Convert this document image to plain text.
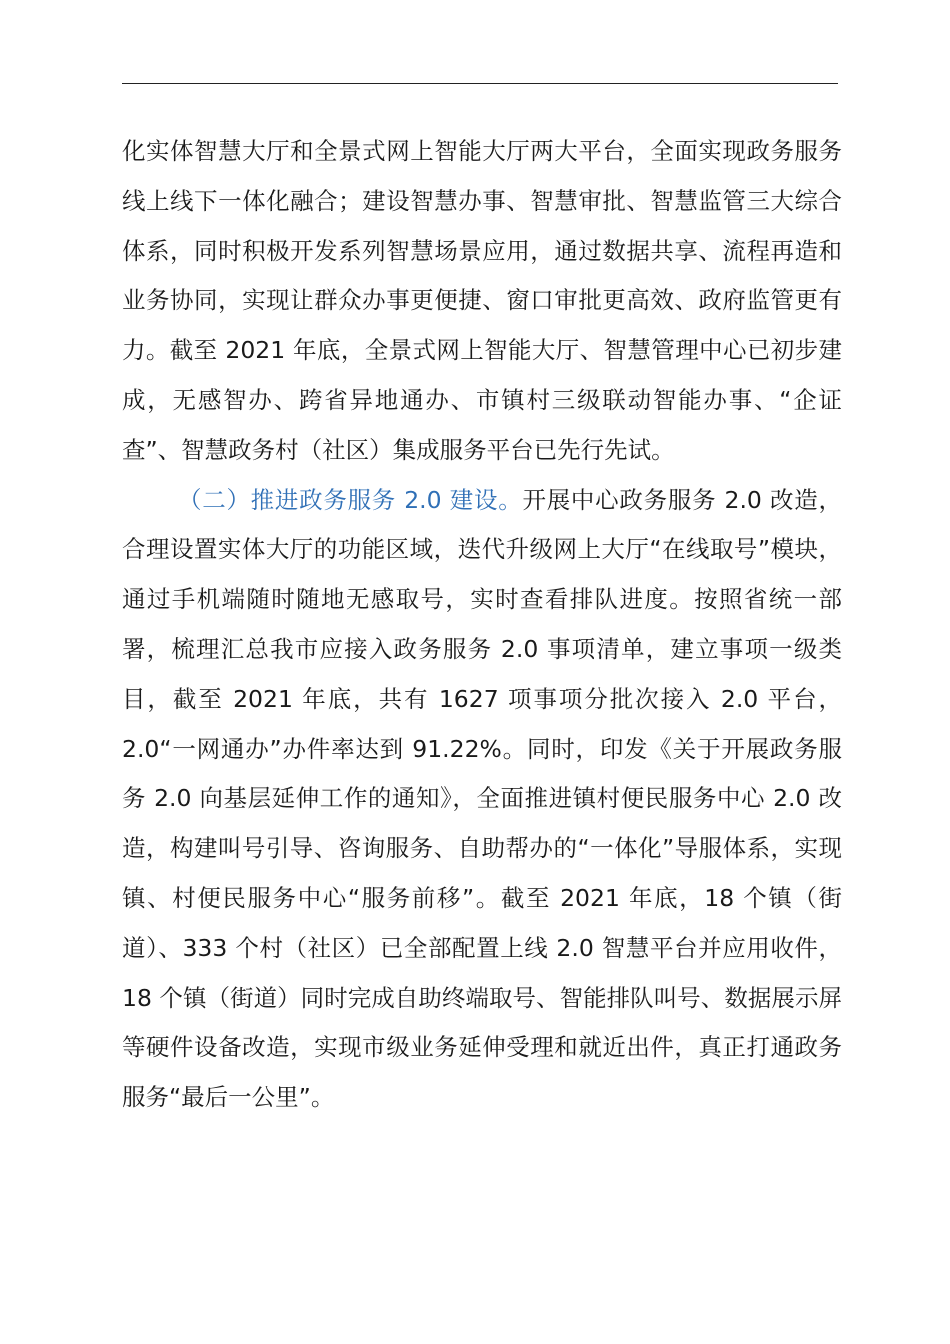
化实体智慧大厅和全景式网上智能大厅两大平台，全面实现政务服务线上线下一体化融合；建设智慧办事、智慧审批、智慧监管三大综合体系，同时积极开发系列智慧场景应用，通过数据共享、流程再造和业务协同，实现让群众办事更便捷、窗口审批更高效、政府监管更有力。截至 2021 年底，全景式网上智能大厅、智慧管理中心已初步建成，无感智办、跨省异地通办、市镇村三级联动智能办事、“企证查”、智慧政务村（社区）集成服务平台已先行先试。

（二）推进政务服务 2.0 建设。开展中心政务服务 2.0 改造，合理设置实体大厅的功能区域，迭代升级网上大厅“在线取号”模块，通过手机端随时随地无感取号，实时查看排队进度。按照省统一部署，梳理汇总我市应接入政务服务 2.0 事项清单，建立事项一级类目，截至 2021 年底，共有 1627 项事项分批次接入 2.0 平台，2.0“一网通办”办件率达到 91.22%。同时，印发《关于开展政务服务 2.0 向基层延伸工作的通知》，全面推进镇村便民服务中心 2.0 改造，构建叫号引导、咨询服务、自助帮办的“一体化”导服体系，实现镇、村便民服务中心“服务前移”。截至 2021 年底，18 个镇（街道）、333 个村（社区）已全部配置上线 2.0 智慧平台并应用收件，18 个镇（街道）同时完成自助终端取号、智能排队叫号、数据展示屏等硬件设备改造，实现市级业务延伸受理和就近出件，真正打通政务服务“最后一公里”。
